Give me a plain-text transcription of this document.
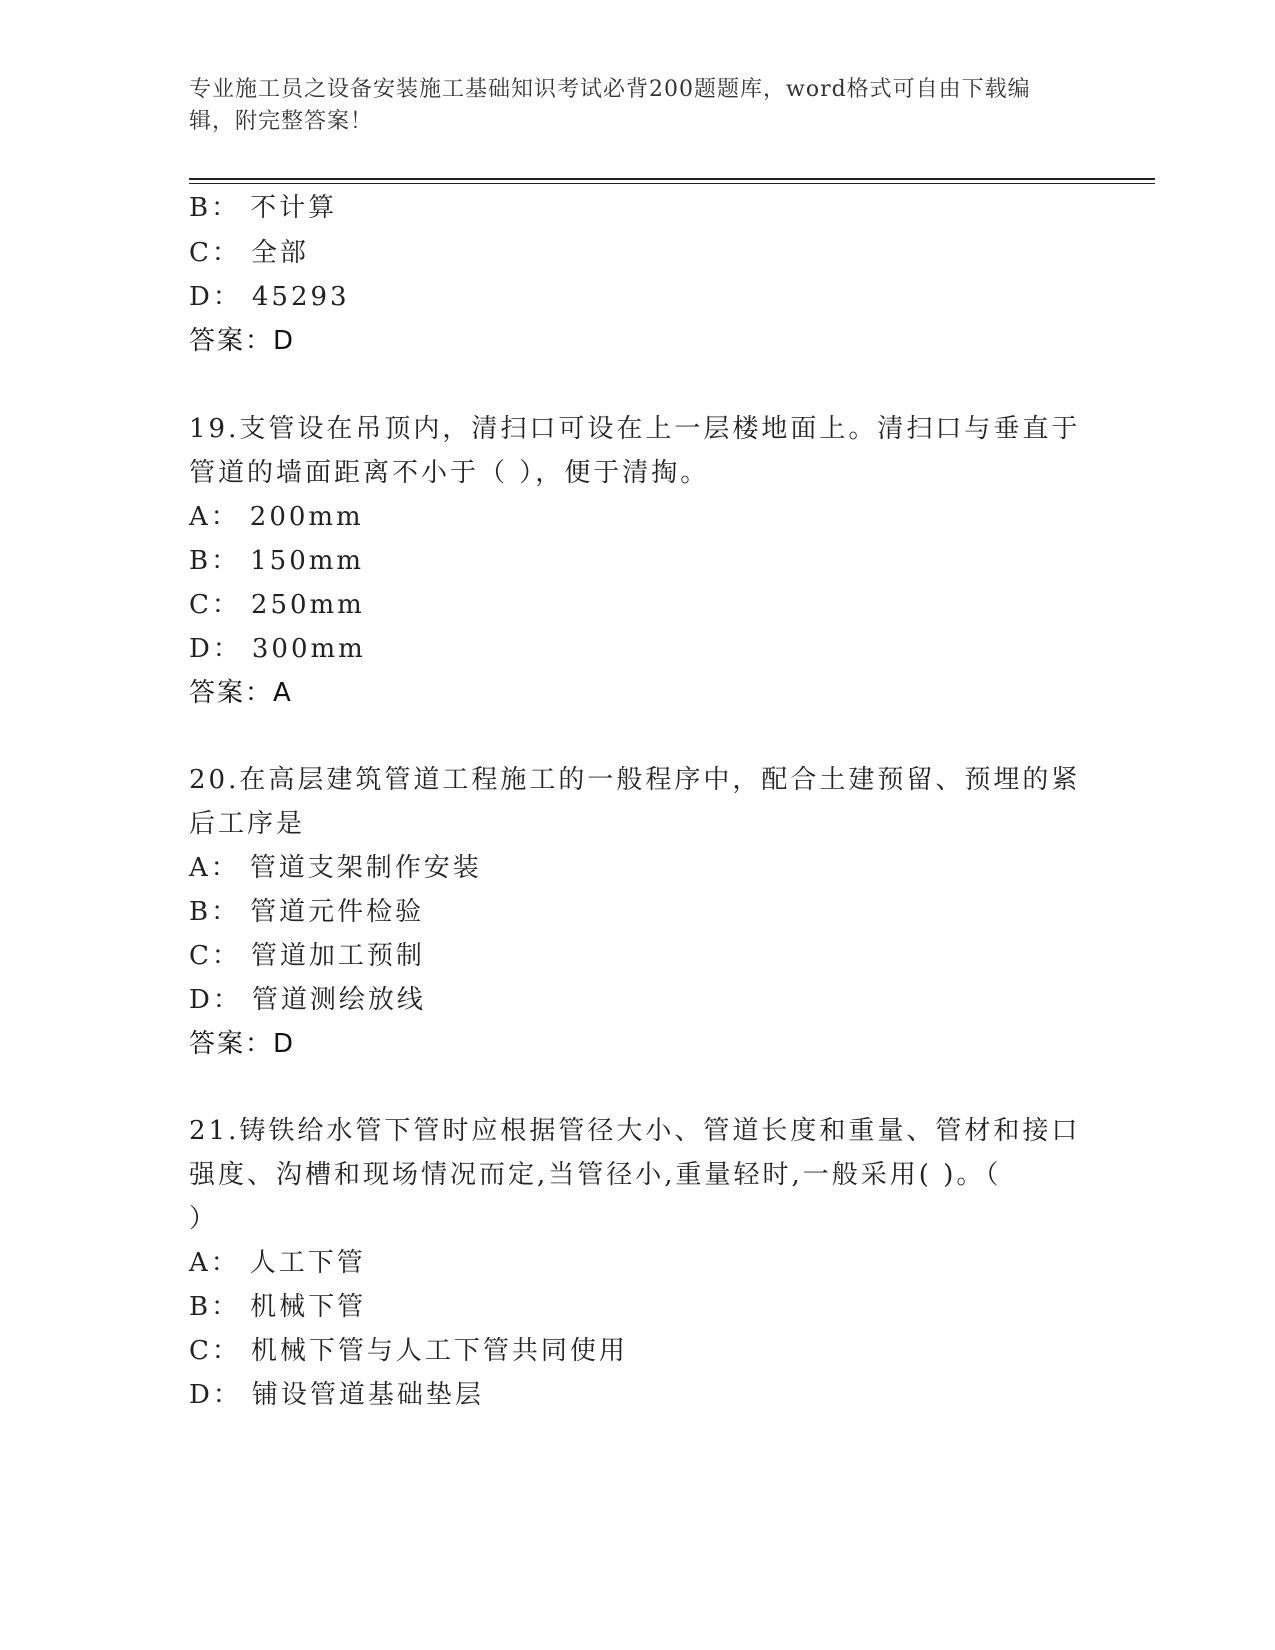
专业施工员之设备安装施工基础知识考试必背200题题库，word格式可自由下载编辑，附完整答案！
B： 不计算
C： 全部
D： 45293
答案：D
19.支管设在吊顶内，清扫口可设在上一层楼地面上。清扫口与垂直于
管道的墙面距离不小于（ ），便于清掏。
A： 200mm
B： 150mm
C： 250mm
D： 300mm
答案：A
20.在高层建筑管道工程施工的一般程序中，配合土建预留、预埋的紧
后工序是
A： 管道支架制作安装
B： 管道元件检验
C： 管道加工预制
D： 管道测绘放线
答案：D
21.铸铁给水管下管时应根据管径大小、管道长度和重量、管材和接口
强度、沟槽和现场情况而定,当管径小,重量轻时,一般采用( )。（
）
A： 人工下管
B： 机械下管
C： 机械下管与人工下管共同使用
D： 铺设管道基础垫层
